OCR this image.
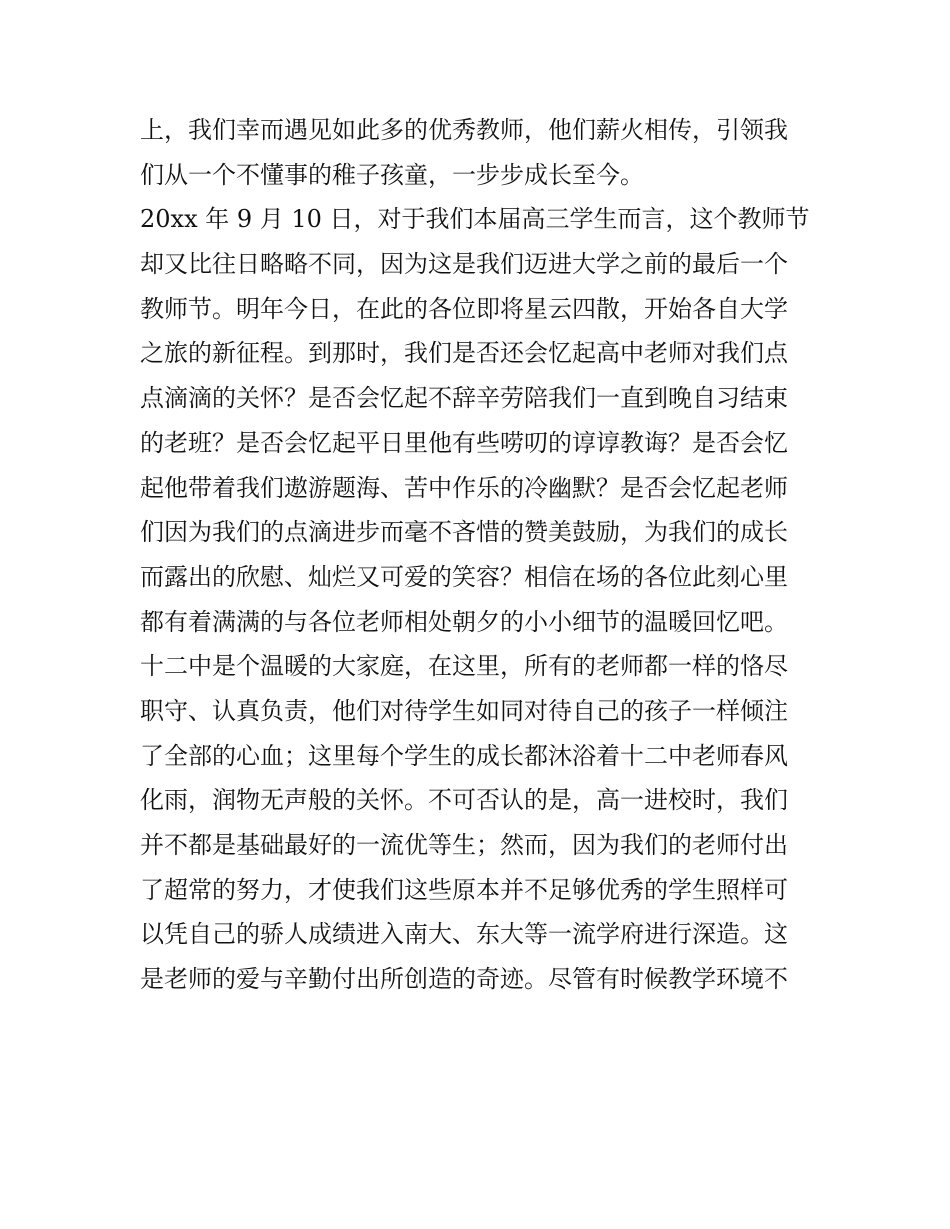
上，我们幸而遇见如此多的优秀教师，他们薪火相传，引领我
们从一个不懂事的稚子孩童，一步步成长至今。
20xx 年 9 月 10 日，对于我们本届高三学生而言，这个教师节
却又比往日略略不同，因为这是我们迈进大学之前的最后一个
教师节。明年今日，在此的各位即将星云四散，开始各自大学
之旅的新征程。到那时，我们是否还会忆起高中老师对我们点
点滴滴的关怀？是否会忆起不辞辛劳陪我们一直到晚自习结束
的老班？是否会忆起平日里他有些唠叨的谆谆教诲？是否会忆
起他带着我们遨游题海、苦中作乐的冷幽默？是否会忆起老师
们因为我们的点滴进步而毫不吝惜的赞美鼓励，为我们的成长
而露出的欣慰、灿烂又可爱的笑容？相信在场的各位此刻心里
都有着满满的与各位老师相处朝夕的小小细节的温暖回忆吧。
十二中是个温暖的大家庭，在这里，所有的老师都一样的恪尽
职守、认真负责，他们对待学生如同对待自己的孩子一样倾注
了全部的心血；这里每个学生的成长都沐浴着十二中老师春风
化雨，润物无声般的关怀。不可否认的是，高一进校时，我们
并不都是基础最好的一流优等生；然而，因为我们的老师付出
了超常的努力，才使我们这些原本并不足够优秀的学生照样可
以凭自己的骄人成绩进入南大、东大等一流学府进行深造。这
是老师的爱与辛勤付出所创造的奇迹。尽管有时候教学环境不
